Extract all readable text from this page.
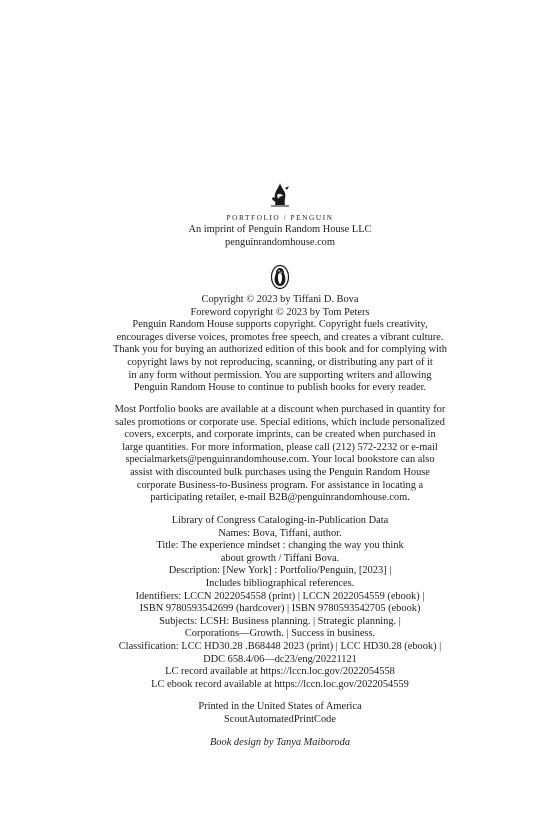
PORTFOLIO / PENGUIN
An imprint of Penguin Random House LLC
penguinrandomhouse.com
Copyright © 2023 by Tiffani D. Bova
Foreword copyright © 2023 by Tom Peters
Penguin Random House supports copyright. Copyright fuels creativity,
encourages diverse voices, promotes free speech, and creates a vibrant culture.
Thank you for buying an authorized edition of this book and for complying with
copyright laws by not reproducing, scanning, or distributing any part of it
in any form without permission. You are supporting writers and allowing
Penguin Random House to continue to publish books for every reader.
Most Portfolio books are available at a discount when purchased in quantity for
sales promotions or corporate use. Special editions, which include personalized
covers, excerpts, and corporate imprints, can be created when purchased in
large quantities. For more information, please call (212) 572-2232 or e-mail
specialmarkets@penguinrandomhouse.com. Your local bookstore can also
assist with discounted bulk purchases using the Penguin Random House
corporate Business-to-Business program. For assistance in locating a
participating retailer, e-mail B2B@penguinrandomhouse.com.
Library of Congress Cataloging-in-Publication Data
Names: Bova, Tiffani, author.
Title: The experience mindset : changing the way you think
about growth / Tiffani Bova.
Description: [New York] : Portfolio/Penguin, [2023] |
Includes bibliographical references.
Identifiers: LCCN 2022054558 (print) | LCCN 2022054559 (ebook) |
ISBN 9780593542699 (hardcover) | ISBN 9780593542705 (ebook)
Subjects: LCSH: Business planning. | Strategic planning. |
Corporations—Growth. | Success in business.
Classification: LCC HD30.28 .B68448 2023 (print) | LCC HD30.28 (ebook) |
DDC 658.4/06—dc23/eng/20221121
LC record available at https://lccn.loc.gov/2022054558
LC ebook record available at https://lccn.loc.gov/2022054559
Printed in the United States of America
ScoutAutomatedPrintCode
Book design by Tanya Maiboroda
